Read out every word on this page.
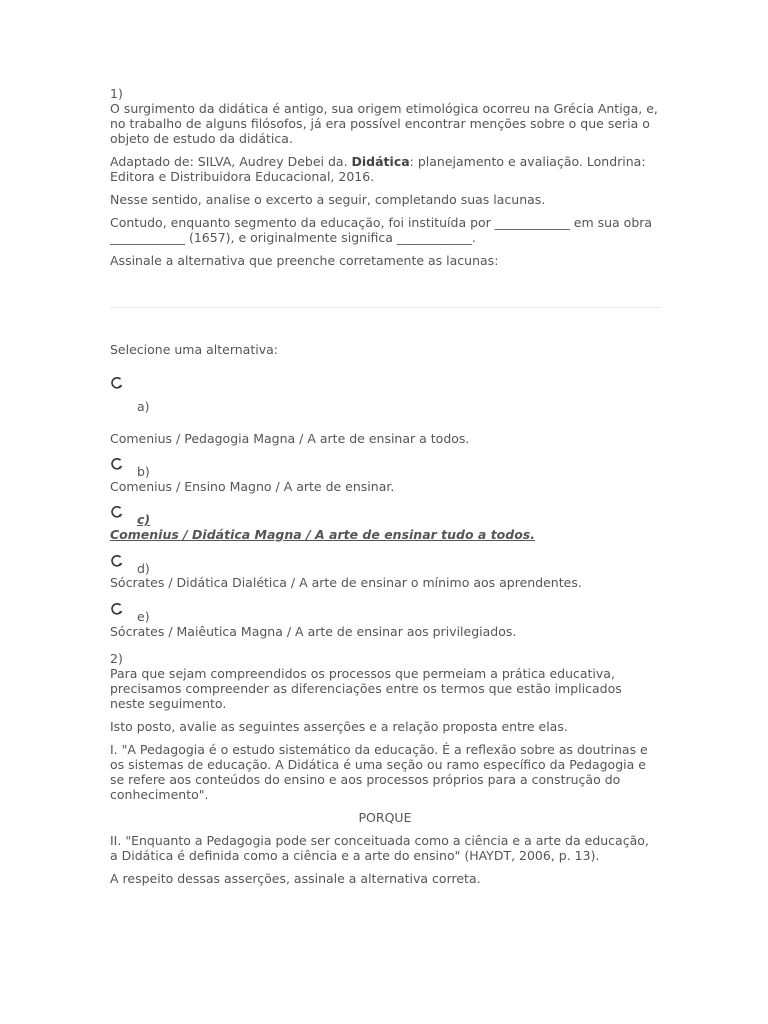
1)

O surgimento da didática é antigo, sua origem etimológica ocorreu na Grécia Antiga, e, no trabalho de alguns filósofos, já era possível encontrar menções sobre o que seria o objeto de estudo da didática.

Adaptado de: SILVA, Audrey Debei da. Didática: planejamento e avaliação. Londrina: Editora e Distribuidora Educacional, 2016.

Nesse sentido, analise o excerto a seguir, completando suas lacunas.

Contudo, enquanto segmento da educação, foi instituída por ____________ em sua obra ____________ (1657), e originalmente significa ____________.

Assinale a alternativa que preenche corretamente as lacunas:

Selecione uma alternativa:

a)

Comenius / Pedagogia Magna / A arte de ensinar a todos.

b)

Comenius / Ensino Magno / A arte de ensinar.

c)

Comenius / Didática Magna / A arte de ensinar tudo a todos.

d)

Sócrates / Didática Dialética / A arte de ensinar o mínimo aos aprendentes.

e)

Sócrates / Maiêutica Magna / A arte de ensinar aos privilegiados.

2)

Para que sejam compreendidos os processos que permeiam a prática educativa, precisamos compreender as diferenciações entre os termos que estão implicados neste seguimento.

Isto posto, avalie as seguintes asserções e a relação proposta entre elas.

I. "A Pedagogia é o estudo sistemático da educação. É a reflexão sobre as doutrinas e os sistemas de educação. A Didática é uma seção ou ramo específico da Pedagogia e se refere aos conteúdos do ensino e aos processos próprios para a construção do conhecimento".

PORQUE

II. "Enquanto a Pedagogia pode ser conceituada como a ciência e a arte da educação, a Didática é definida como a ciência e a arte do ensino" (HAYDT, 2006, p. 13).

A respeito dessas asserções, assinale a alternativa correta.
